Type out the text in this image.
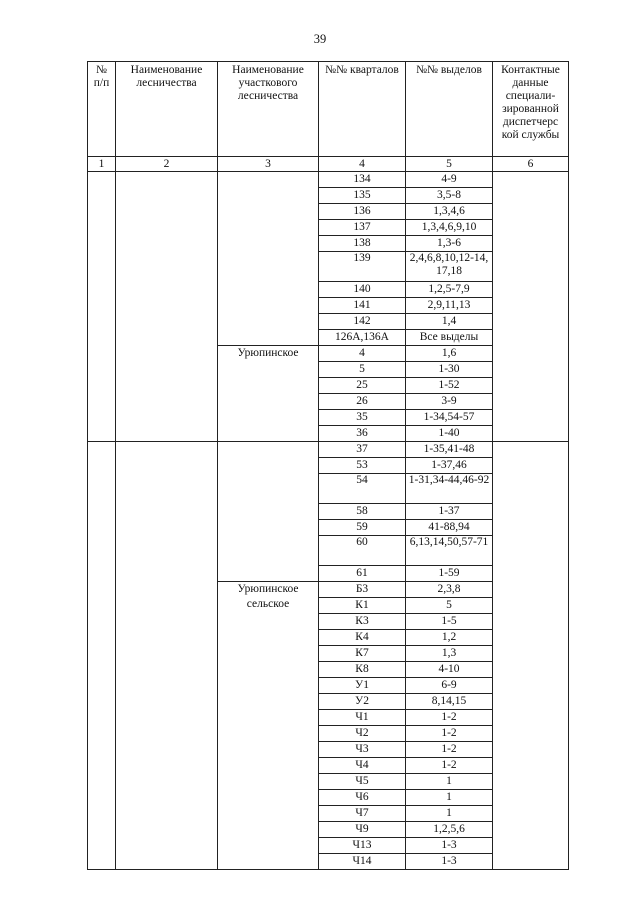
39
№ п/п	Наименование лесничества	Наименование участкового лесничества	№№ кварталов	№№ выделов	Контактные данные специали- зированной диспетчерс кой службы
1	2	3	4	5	6
			134	4-9	
			135	3,5-8	
			136	1,3,4,6	
			137	1,3,4,6,9,10	
			138	1,3-6	
			139	2,4,6,8,10,12-14, 17,18	
			140	1,2,5-7,9	
			141	2,9,11,13	
			142	1,4	
			126А,136А	Все выделы	
		Урюпинское	4	1,6	
			5	1-30	
			25	1-52	
			26	3-9	
			35	1-34,54-57	
			36	1-40	
			37	1-35,41-48	
			53	1-37,46	
			54	1-31,34-44,46-92	
			58	1-37	
			59	41-88,94	
			60	6,13,14,50,57-71	
			61	1-59	
		Урюпинское сельское	Б3	2,3,8	
			К1	5	
			К3	1-5	
			К4	1,2	
			К7	1,3	
			К8	4-10	
			У1	6-9	
			У2	8,14,15	
			Ч1	1-2	
			Ч2	1-2	
			Ч3	1-2	
			Ч4	1-2	
			Ч5	1	
			Ч6	1	
			Ч7	1	
			Ч9	1,2,5,6	
			Ч13	1-3	
			Ч14	1-3	
